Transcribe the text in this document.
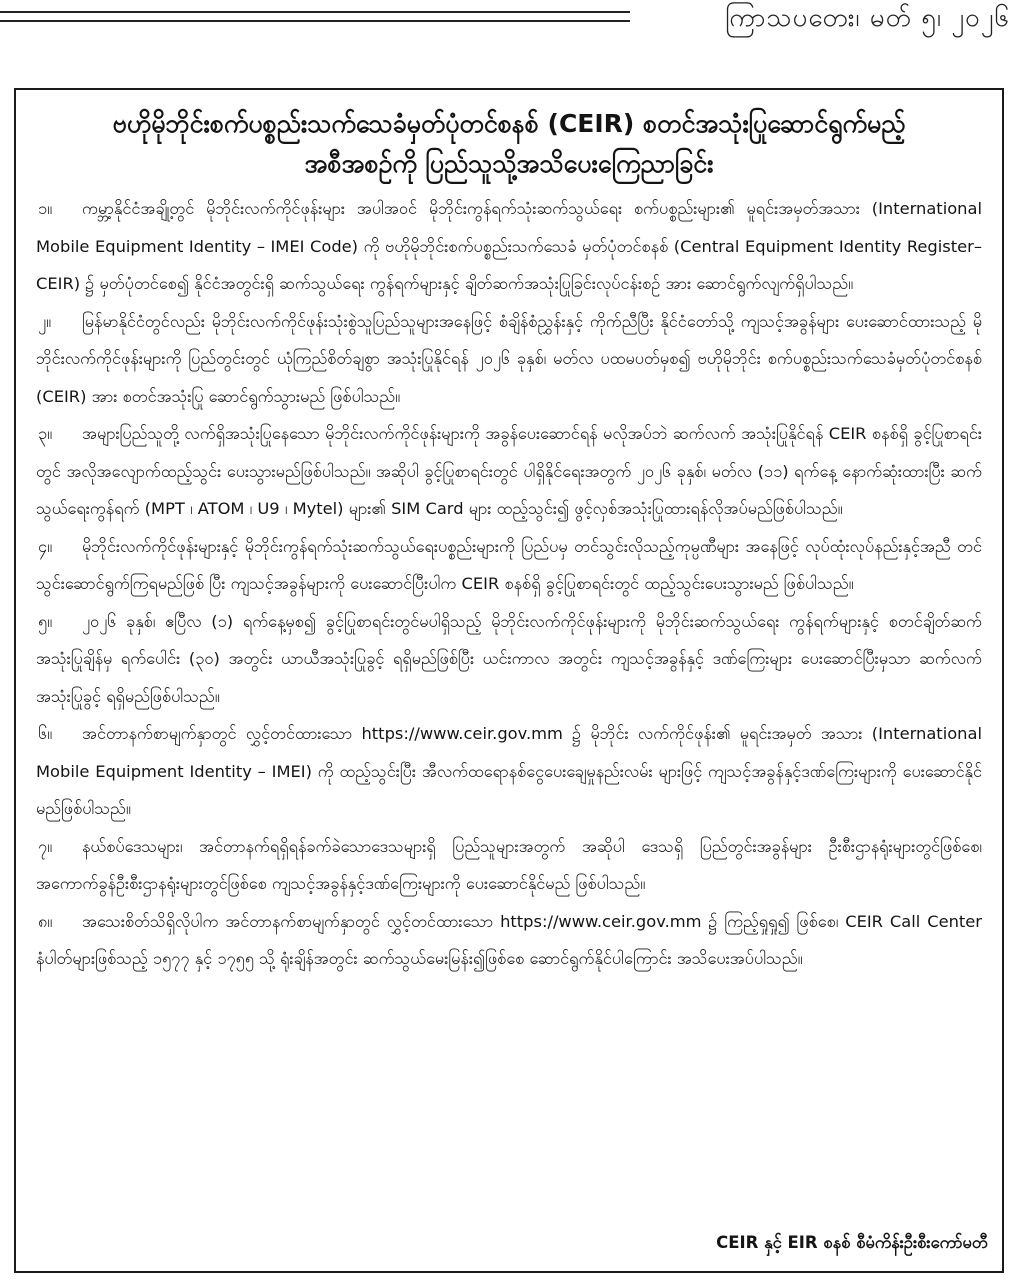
ကြာသပတေး၊ မတ် ၅၊ ၂၀၂၆
ဗဟိုမိုဘိုင်းစက်ပစ္စည်းသက်သေခံမှတ်ပုံတင်စနစ် (CEIR) စတင်အသုံးပြုဆောင်ရွက်မည့်
အစီအစဉ်ကို ပြည်သူသို့အသိပေးကြေညာခြင်း

၁။ ကမ္ဘာ့နိုင်ငံအချို့တွင် မိုဘိုင်းလက်ကိုင်ဖုန်းများ အပါအဝင် မိုဘိုင်းကွန်ရက်သုံးဆက်သွယ်ရေး စက်ပစ္စည်းများ၏ မူရင်းအမှတ်အသား (International Mobile Equipment Identity – IMEI Code) ကို ဗဟိုမိုဘိုင်းစက်ပစ္စည်းသက်သေခံ မှတ်ပုံတင်စနစ် (Central Equipment Identity Register– CEIR) ၌ မှတ်ပုံတင်စေ၍ နိုင်ငံအတွင်းရှိ ဆက်သွယ်ရေး ကွန်ရက်များနှင့် ချိတ်ဆက်အသုံးပြုခြင်းလုပ်ငန်းစဉ် အား ဆောင်ရွက်လျက်ရှိပါသည်။

၂။ မြန်မာနိုင်ငံတွင်လည်း မိုဘိုင်းလက်ကိုင်ဖုန်းသုံးစွဲသူပြည်သူများအနေဖြင့် စံချိန်စံညွှန်းနှင့် ကိုက်ညီပြီး နိုင်ငံတော်သို့ ကျသင့်အခွန်များ ပေးဆောင်ထားသည့် မိုဘိုင်းလက်ကိုင်ဖုန်းများကို ပြည်တွင်းတွင် ယုံကြည်စိတ်ချစွာ အသုံးပြုနိုင်ရန် ၂၀၂၆ ခုနှစ်၊ မတ်လ ပထမပတ်မှစ၍ ဗဟိုမိုဘိုင်း စက်ပစ္စည်းသက်သေခံမှတ်ပုံတင်စနစ် (CEIR) အား စတင်အသုံးပြု ဆောင်ရွက်သွားမည် ဖြစ်ပါသည်။

၃။ အများပြည်သူတို့ လက်ရှိအသုံးပြုနေသော မိုဘိုင်းလက်ကိုင်ဖုန်းများကို အခွန်ပေးဆောင်ရန် မလိုအပ်ဘဲ ဆက်လက် အသုံးပြုနိုင်ရန် CEIR စနစ်ရှိ ခွင့်ပြုစာရင်းတွင် အလိုအလျောက်ထည့်သွင်း ပေးသွားမည်ဖြစ်ပါသည်။ အဆိုပါ ခွင့်ပြုစာရင်းတွင် ပါရှိနိုင်ရေးအတွက် ၂၀၂၆ ခုနှစ်၊ မတ်လ (၁၁) ရက်နေ့ နောက်ဆုံးထားပြီး ဆက်သွယ်ရေးကွန်ရက် (MPT ၊ ATOM ၊ U9 ၊ Mytel) များ၏ SIM Card များ ထည့်သွင်း၍ ဖွင့်လှစ်အသုံးပြုထားရန်လိုအပ်မည်ဖြစ်ပါသည်။

၄။ မိုဘိုင်းလက်ကိုင်ဖုန်းများနှင့် မိုဘိုင်းကွန်ရက်သုံးဆက်သွယ်ရေးပစ္စည်းများကို ပြည်ပမှ တင်သွင်းလိုသည့်ကုမ္ပဏီများ အနေဖြင့် လုပ်ထုံးလုပ်နည်းနှင့်အညီ တင်သွင်းဆောင်ရွက်ကြရမည်ဖြစ် ပြီး ကျသင့်အခွန်များကို ပေးဆောင်ပြီးပါက CEIR စနစ်ရှိ ခွင့်ပြုစာရင်းတွင် ထည့်သွင်းပေးသွားမည် ဖြစ်ပါသည်။

၅။ ၂၀၂၆ ခုနှစ်၊ ဧပြီလ (၁) ရက်နေ့မှစ၍ ခွင့်ပြုစာရင်းတွင်မပါရှိသည့် မိုဘိုင်းလက်ကိုင်ဖုန်းများကို မိုဘိုင်းဆက်သွယ်ရေး ကွန်ရက်များနှင့် စတင်ချိတ်ဆက်အသုံးပြုချိန်မှ ရက်ပေါင်း (၃၀) အတွင်း ယာယီအသုံးပြုခွင့် ရရှိမည်ဖြစ်ပြီး ယင်းကာလ အတွင်း ကျသင့်အခွန်နှင့် ဒဏ်ကြေးများ ပေးဆောင်ပြီးမှသာ ဆက်လက်အသုံးပြုခွင့် ရရှိမည်ဖြစ်ပါသည်။

၆။ အင်တာနက်စာမျက်နှာတွင် လွှင့်တင်ထားသော https://www.ceir.gov.mm ၌ မိုဘိုင်း လက်ကိုင်ဖုန်း၏ မူရင်းအမှတ် အသား (International Mobile Equipment Identity – IMEI) ကို ထည့်သွင်းပြီး အီလက်ထရောနစ်ငွေပေးချေမှုနည်းလမ်း များဖြင့် ကျသင့်အခွန်နှင့်ဒဏ်ကြေးများကို ပေးဆောင်နိုင်မည်ဖြစ်ပါသည်။

၇။ နယ်စပ်ဒေသများ၊ အင်တာနက်ရရှိရန်ခက်ခဲသောဒေသများရှိ ပြည်သူများအတွက် အဆိုပါ ဒေသရှိ ပြည်တွင်းအခွန်များ ဦးစီးဌာနရုံးများတွင်ဖြစ်စေ၊ အကောက်ခွန်ဦးစီးဌာနရုံးများတွင်ဖြစ်စေ ကျသင့်အခွန်နှင့်ဒဏ်ကြေးများကို ပေးဆောင်နိုင်မည် ဖြစ်ပါသည်။

၈။ အသေးစိတ်သိရှိလိုပါက အင်တာနက်စာမျက်နှာတွင် လွှင့်တင်ထားသော https://www.ceir.gov.mm ၌ ကြည့်ရှုရှု၍ ဖြစ်စေ၊ CEIR Call Center နံပါတ်များဖြစ်သည့် ၁၅၇၇ နှင့် ၁၇၅၅ သို့ ရုံးချိန်အတွင်း ဆက်သွယ်မေးမြန်း၍ဖြစ်စေ ဆောင်ရွက်နိုင်ပါကြောင်း အသိပေးအပ်ပါသည်။

CEIR နှင့် EIR စနစ် စီမံကိန်းဦးစီးကော်မတီ
